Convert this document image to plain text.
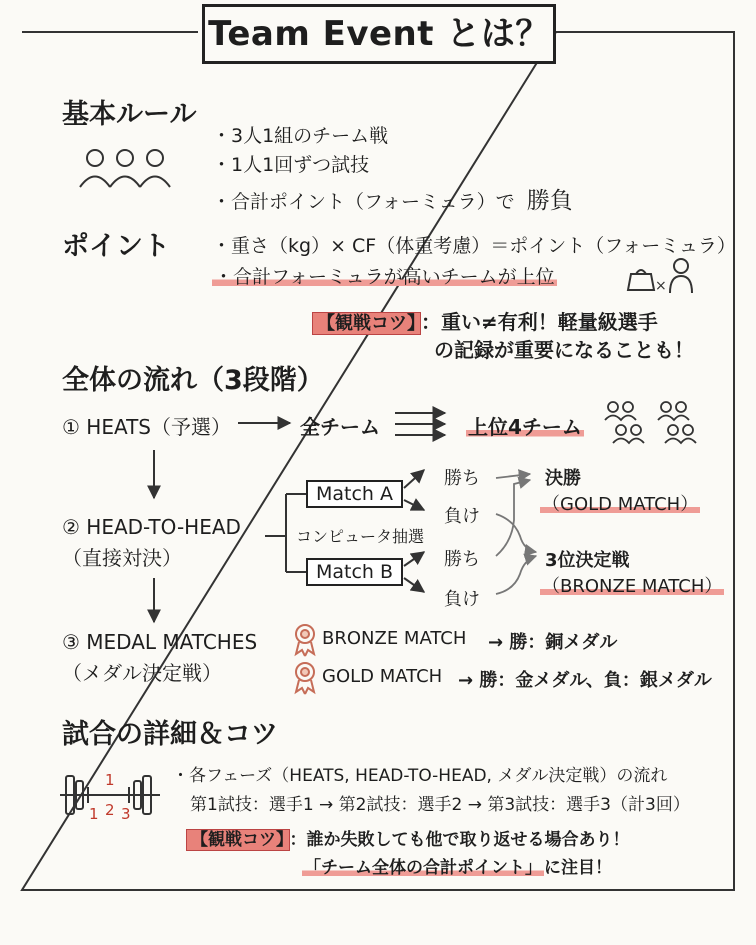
×
1
1 2 3
Team Event とは？
基本ルール
・3人1組のチーム戦
・1人1回ずつ試技
・合計ポイント（フォーミュラ）で 勝負
ポイント ・重さ（kg）× CF（体重考慮）＝ポイント（フォーミュラ）
・合計フォーミュラが高いチームが上位
【観戦コツ】 ：重い≠有利！軽量級選手
の記録が重要になることも！
全体の流れ（3段階）
① HEATS（予選）	全チーム	上位4チーム
② HEAD-TO-HEAD
（直接対決）
Match A
コンピュータ抽選
Match B
勝ち
負け
勝ち
負け
決勝
（GOLD MATCH）
3位決定戦
（BRONZE MATCH）
③ MEDAL MATCHES
（メダル決定戦）
BRONZE MATCH → 勝：銅メダル
GOLD MATCH → 勝：金メダル、負：銀メダル
試合の詳細＆コツ
・各フェーズ（HEATS, HEAD-TO-HEAD, メダル決定戦）の流れ
第1試技：選手1 → 第2試技：選手2 → 第3試技：選手3（計3回）
【観戦コツ】 ：誰か失敗しても他で取り返せる場合あり！
「チーム全体の合計ポイント」 に注目！
